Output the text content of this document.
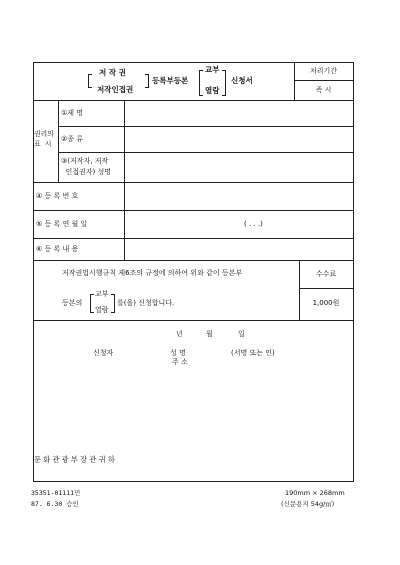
저 작 권
저작인접권
등록부등본
교부
열람
신청서
처리기간
즉 시
권리의
표  시
①제 명
②종 류
③(저작자, 저작
인접권자) 성명
④ 등 록 번 호
⑤ 등 록 연 월 일	( . . .)
⑥ 등 록 내 용
저작권법시행규칙 제6조의 규정에 의하여 위와 같이 등본부
등본의
교부
열람
를(을) 신청합니다.
수수료
1,000원
년	월	일
신청자	성 명
주 소
(서명 또는 인)
문 화 관 광 부 장 관 귀 하
35351-01111민
87. 6.30 승인
190mm × 268mm
(신문용지 54g/㎡)
